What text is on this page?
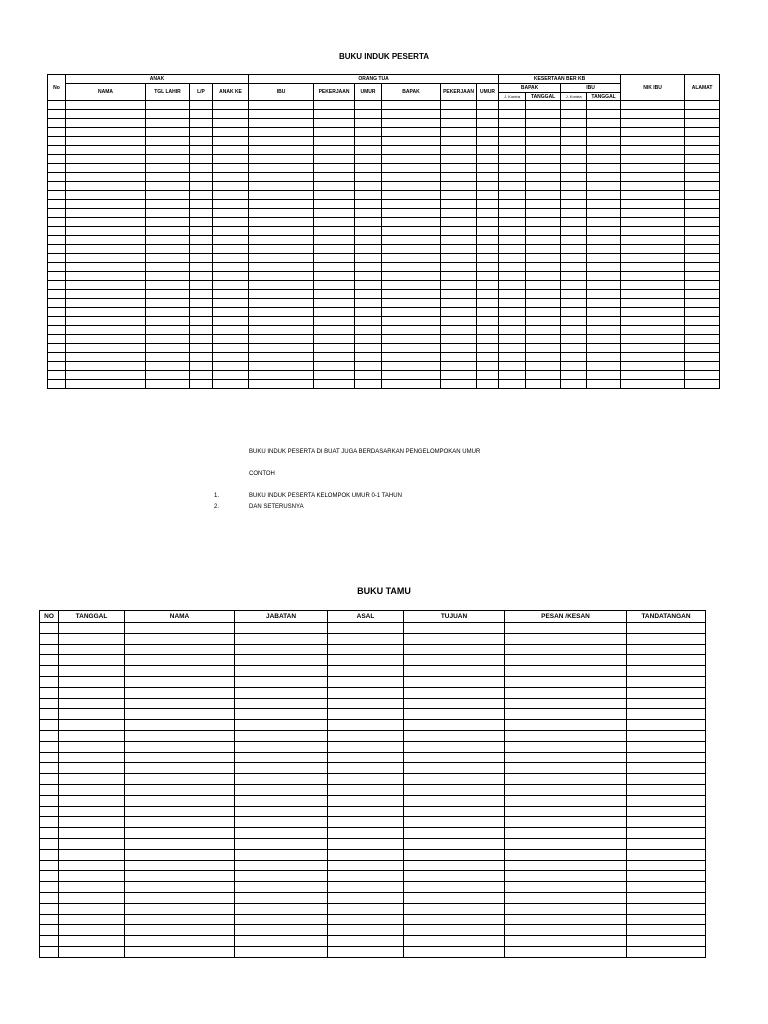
BUKU INDUK PESERTA
No	ANAK				ORANG TUA						KESERTAAN BER KB				NIK IBU	ALAMAT
	NAMA	TGL LAHIR	L/P	ANAK KE	IBU	PEKERJAAN	UMUR	BAPAK	PEKERJAAN	UMUR	BAPAK		IBU			
											J. Kontra	TANGGAL	J. Kontra	TANGGAL		

BUKU INDUK PESERTA DI BUAT JUGA BERDASARKAN PENGELOMPOKAN UMUR
CONTOH
1.	BUKU INDUK PESERTA KELOMPOK UMUR 0-1 TAHUN
2.	DAN SETERUSNYA
BUKU TAMU
NO	TANGGAL	NAMA	JABATAN	ASAL	TUJUAN	PESAN /KESAN	TANDATANGAN
